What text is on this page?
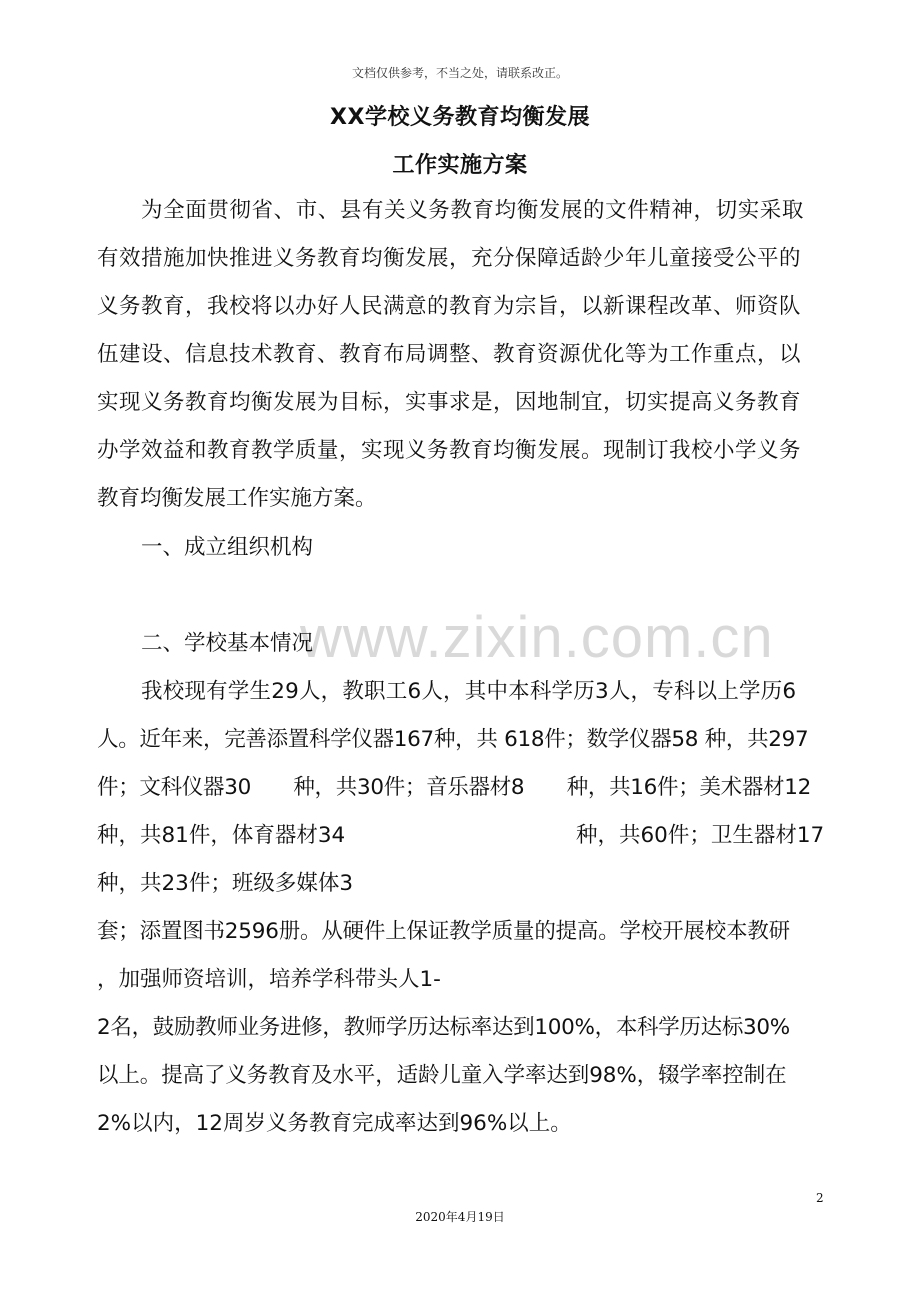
文档仅供参考，不当之处，请联系改正。
XX学校义务教育均衡发展
工作实施方案
为全面贯彻省、市、县有关义务教育均衡发展的文件精神，切实采取
有效措施加快推进义务教育均衡发展，充分保障适龄少年儿童接受公平的
义务教育，我校将以办好人民满意的教育为宗旨，以新课程改革、师资队
伍建设、信息技术教育、教育布局调整、教育资源优化等为工作重点，以
实现义务教育均衡发展为目标，实事求是，因地制宜，切实提高义务教育
办学效益和教育教学质量，实现义务教育均衡发展。现制订我校小学义务
教育均衡发展工作实施方案。
一、成立组织机构
www.zixin.com.cn
二、学校基本情况
我校现有学生29人，教职工6人，其中本科学历3人，专科以上学历6
人。近年来，完善添置科学仪器167种，共 618件；数学仪器58 种，共297
件；文科仪器30　　种，共30件；音乐器材8　　种，共16件；美术器材12
种，共81件，体育器材34	种，共60件；卫生器材17
种，共23件；班级多媒体3
套；添置图书2596册。从硬件上保证教学质量的提高。学校开展校本教研
，加强师资培训，培养学科带头人1-
2名，鼓励教师业务进修，教师学历达标率达到100%，本科学历达标30%
以上。提高了义务教育及水平，适龄儿童入学率达到98%，辍学率控制在
2%以内，12周岁义务教育完成率达到96%以上。
2
2020年4月19日
